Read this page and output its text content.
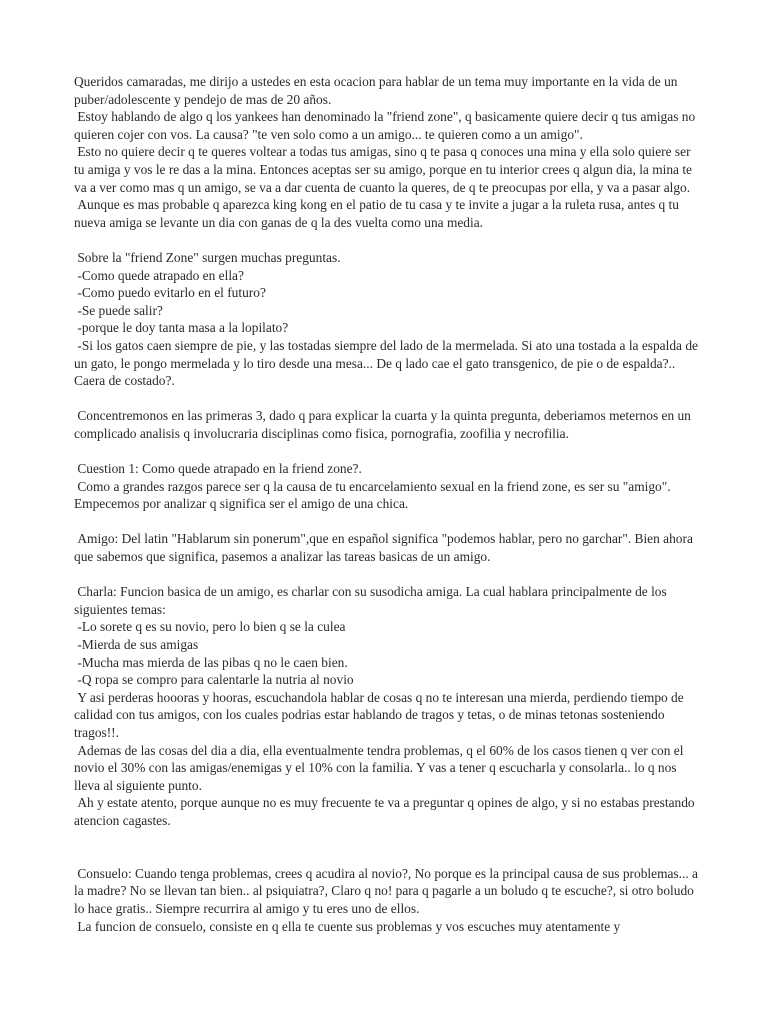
Queridos camaradas, me dirijo a ustedes en esta ocacion para hablar de un tema muy importante en la vida de un puber/adolescente y pendejo de mas de 20 años.

Estoy hablando de algo q los yankees han denominado la "friend zone", q basicamente quiere decir q tus amigas no quieren cojer con vos. La causa? "te ven solo como a un amigo... te quieren como a un amigo".

Esto no quiere decir q te queres voltear a todas tus amigas, sino q te pasa q conoces una mina y ella solo quiere ser tu amiga y vos le re das a la mina. Entonces aceptas ser su amigo, porque en tu interior crees q algun dia, la mina te va a ver como mas q un amigo, se va a dar cuenta de cuanto la queres, de q te preocupas por ella, y va a pasar algo.

Aunque es mas probable q aparezca king kong en el patio de tu casa y te invite a jugar a la ruleta rusa, antes q tu nueva amiga se levante un dia con ganas de q la des vuelta como una media.

Sobre la "friend Zone" surgen muchas preguntas.

-Como quede atrapado en ella?

-Como puedo evitarlo en el futuro?

-Se puede salir?

-porque le doy tanta masa a la lopilato?

-Si los gatos caen siempre de pie, y las tostadas siempre del lado de la mermelada. Si ato una tostada a la espalda de un gato, le pongo mermelada y lo tiro desde una mesa... De q lado cae el gato transgenico, de pie o de espalda?.. Caera de costado?.

Concentremonos en las primeras 3, dado q para explicar la cuarta y la quinta pregunta, deberiamos meternos en un complicado analisis q involucraria disciplinas como fisica, pornografia, zoofilia y necrofilia.

Cuestion 1: Como quede atrapado en la friend zone?.

Como a grandes razgos parece ser q la causa de tu encarcelamiento sexual en la friend zone, es ser su "amigo". Empecemos por analizar q significa ser el amigo de una chica.

Amigo: Del latin "Hablarum sin ponerum",que en español significa "podemos hablar, pero no garchar". Bien ahora que sabemos que significa, pasemos a analizar las tareas basicas de un amigo.

Charla: Funcion basica de un amigo, es charlar con su susodicha amiga. La cual hablara principalmente de los siguientes temas:

-Lo sorete q es su novio, pero lo bien q se la culea

-Mierda de sus amigas

-Mucha mas mierda de las pibas q no le caen bien.

-Q ropa se compro para calentarle la nutria al novio

Y asi perderas hoooras y hooras, escuchandola hablar de cosas q no te interesan una mierda, perdiendo tiempo de calidad con tus amigos, con los cuales podrias estar hablando de tragos y tetas, o de minas tetonas sosteniendo tragos!!.

Ademas de las cosas del dia a dia, ella eventualmente tendra problemas, q el 60% de los casos tienen q ver con el novio el 30% con las amigas/enemigas y el 10% con la familia. Y vas a tener q escucharla y consolarla.. lo q nos lleva al siguiente punto.

Ah y estate atento, porque aunque no es muy frecuente te va a preguntar q opines de algo, y si no estabas prestando atencion cagastes.

Consuelo: Cuando tenga problemas, crees q acudira al novio?, No porque es la principal causa de sus problemas... a la madre? No se llevan tan bien.. al psiquiatra?, Claro q no! para q pagarle a un boludo q te escuche?, si otro boludo lo hace gratis.. Siempre recurrira al amigo y tu eres uno de ellos.

La funcion de consuelo, consiste en q ella te cuente sus problemas y vos escuches muy atentamente y
